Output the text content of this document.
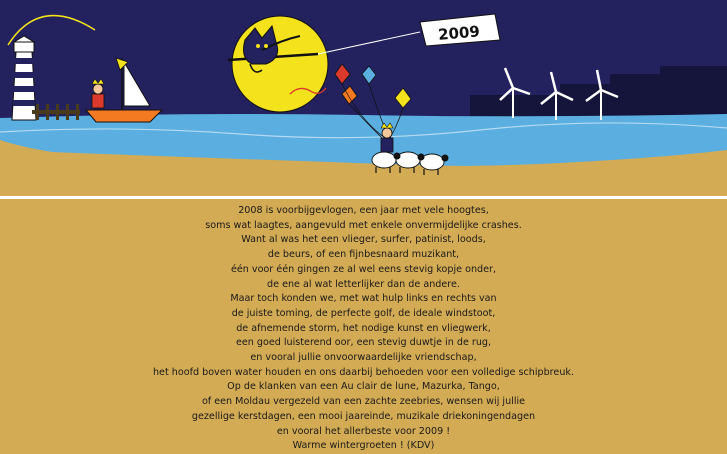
2009
2008 is voorbijgevlogen, een jaar met vele hoogtes,
soms wat laagtes, aangevuld met enkele onvermijdelijke crashes.
Want al was het een vlieger, surfer, patinist, loods,
de beurs, of een fijnbesnaard muzikant,
één voor één gingen ze al wel eens stevig kopje onder,
de ene al wat letterlijker dan de andere.
Maar toch konden we, met wat hulp links en rechts van
de juiste toming, de perfecte golf, de ideale windstoot,
de afnemende storm, het nodige kunst en vliegwerk,
een goed luisterend oor, een stevig duwtje in de rug,
en vooral jullie onvoorwaardelijke vriendschap,
het hoofd boven water houden en ons daarbij behoeden voor een volledige schipbreuk.
Op de klanken van een Au clair de lune, Mazurka, Tango,
of een Moldau vergezeld van een zachte zeebries, wensen wij jullie
gezellige kerstdagen, een mooi jaareinde, muzikale driekoningendagen
en vooral het allerbeste voor 2009 !
Warme wintergroeten ! (KDV)
